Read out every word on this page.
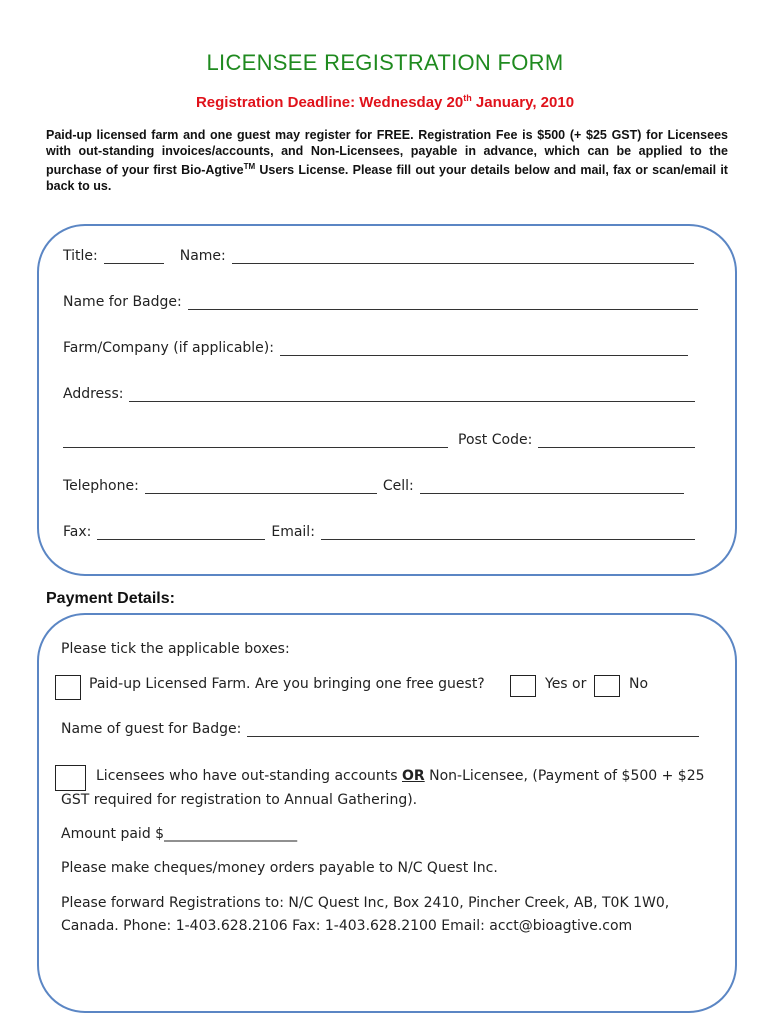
LICENSEE REGISTRATION FORM
Registration Deadline: Wednesday 20th January, 2010
Paid-up licensed farm and one guest may register for FREE. Registration Fee is $500 (+ $25 GST) for Licensees with out-standing invoices/accounts, and Non-Licensees, payable in advance, which can be applied to the purchase of your first Bio-Agtive™ Users License. Please fill out your details below and mail, fax or scan/email it back to us.
Title:	Name:
Name for Badge:
Farm/Company (if applicable):
Address:
Post Code:
Telephone:	Cell:
Fax:	Email:
Payment Details:
Please tick the applicable boxes:
Paid-up Licensed Farm. Are you bringing one free guest?	Yes or	No
Name of guest for Badge:
Licensees who have out-standing accounts OR Non-Licensee, (Payment of $500 + $25
GST required for registration to Annual Gathering).
Amount paid $___________________
Please make cheques/money orders payable to N/C Quest Inc.
Please forward Registrations to: N/C Quest Inc, Box 2410, Pincher Creek, AB, T0K 1W0,
Canada. Phone: 1-403.628.2106 Fax: 1-403.628.2100 Email: acct@bioagtive.com
